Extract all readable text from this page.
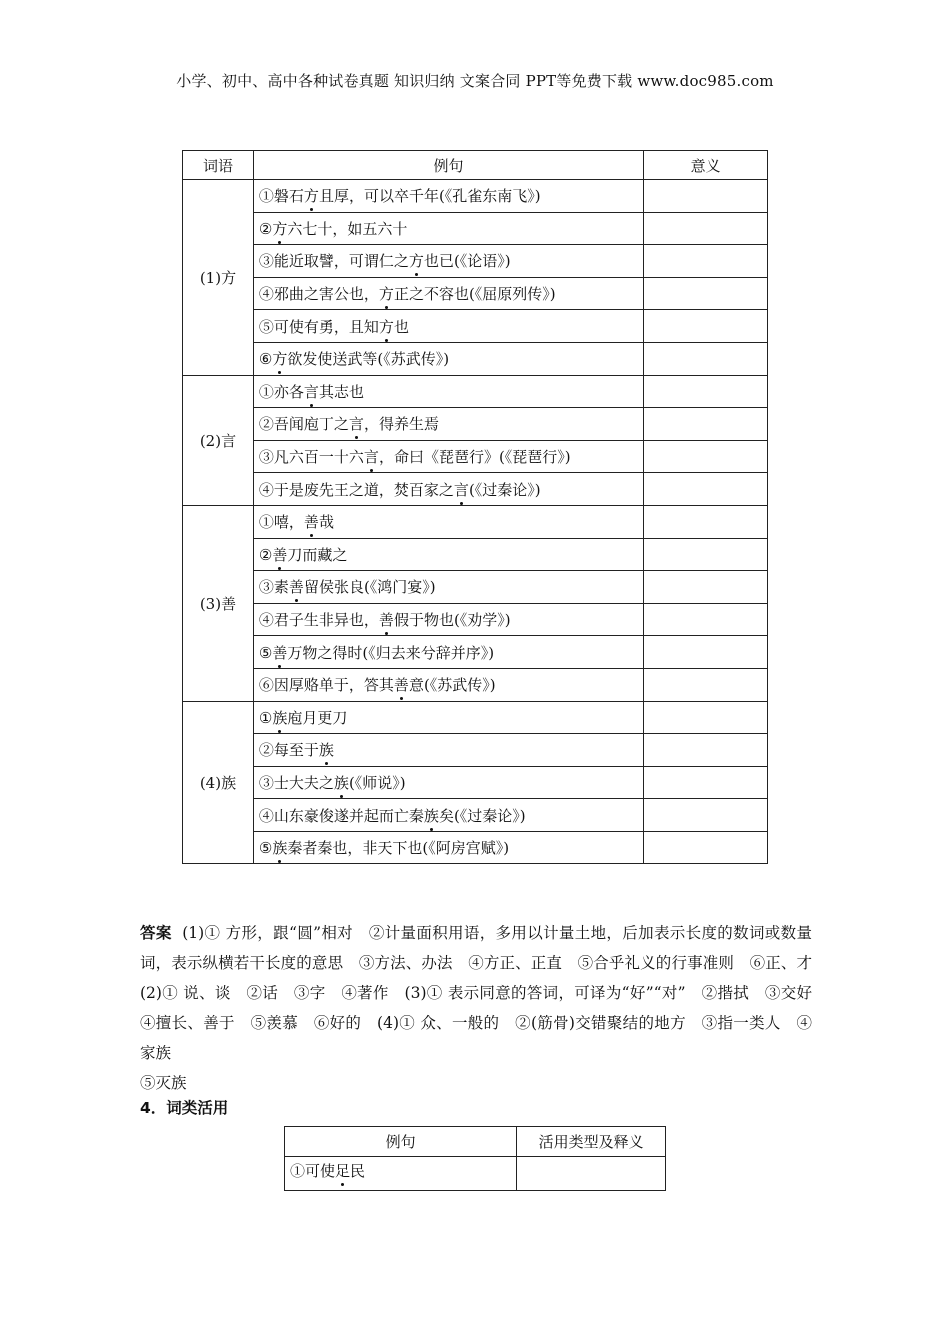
小学、初中、高中各种试卷真题 知识归纳 文案合同 PPT等免费下载 www.doc985.com
词语	例句	意义
(1)方	①磐石方且厚，可以卒千年(《孔雀东南飞》)	
	②方六七十，如五六十	
	③能近取譬，可谓仁之方也已(《论语》)	
	④邪曲之害公也，方正之不容也(《屈原列传》)	
	⑤可使有勇，且知方也	
	⑥方欲发使送武等(《苏武传》)	
(2)言	①亦各言其志也	
	②吾闻庖丁之言，得养生焉	
	③凡六百一十六言，命曰《琵琶行》(《琵琶行》)	
	④于是废先王之道，焚百家之言(《过秦论》)	
(3)善	①嘻，善哉	
	②善刀而藏之	
	③素善留侯张良(《鸿门宴》)	
	④君子生非异也，善假于物也(《劝学》)	
	⑤善万物之得时(《归去来兮辞并序》)	
	⑥因厚赂单于，答其善意(《苏武传》)	
(4)族	①族庖月更刀	
	②每至于族	
	③士大夫之族(《师说》)	
	④山东豪俊遂并起而亡秦族矣(《过秦论》)	
	⑤族秦者秦也，非天下也(《阿房宫赋》)	
答案 (1)① 方形，跟“圆”相对　②计量面积用语，多用以计量土地，后加表示长度的数词或数量词，表示纵横若干长度的意思　③方法、办法　④方正、正直　⑤合乎礼义的行事准则　⑥正、才　(2)① 说、谈　②话　③字　④著作　(3)① 表示同意的答词，可译为“好”“对”　②揩拭　③交好　④擅长、善于　⑤羡慕　⑥好的　(4)① 众、一般的　②(筋骨)交错聚结的地方　③指一类人　④家族
⑤灭族
4．词类活用
例句	活用类型及释义
①可使足民	
